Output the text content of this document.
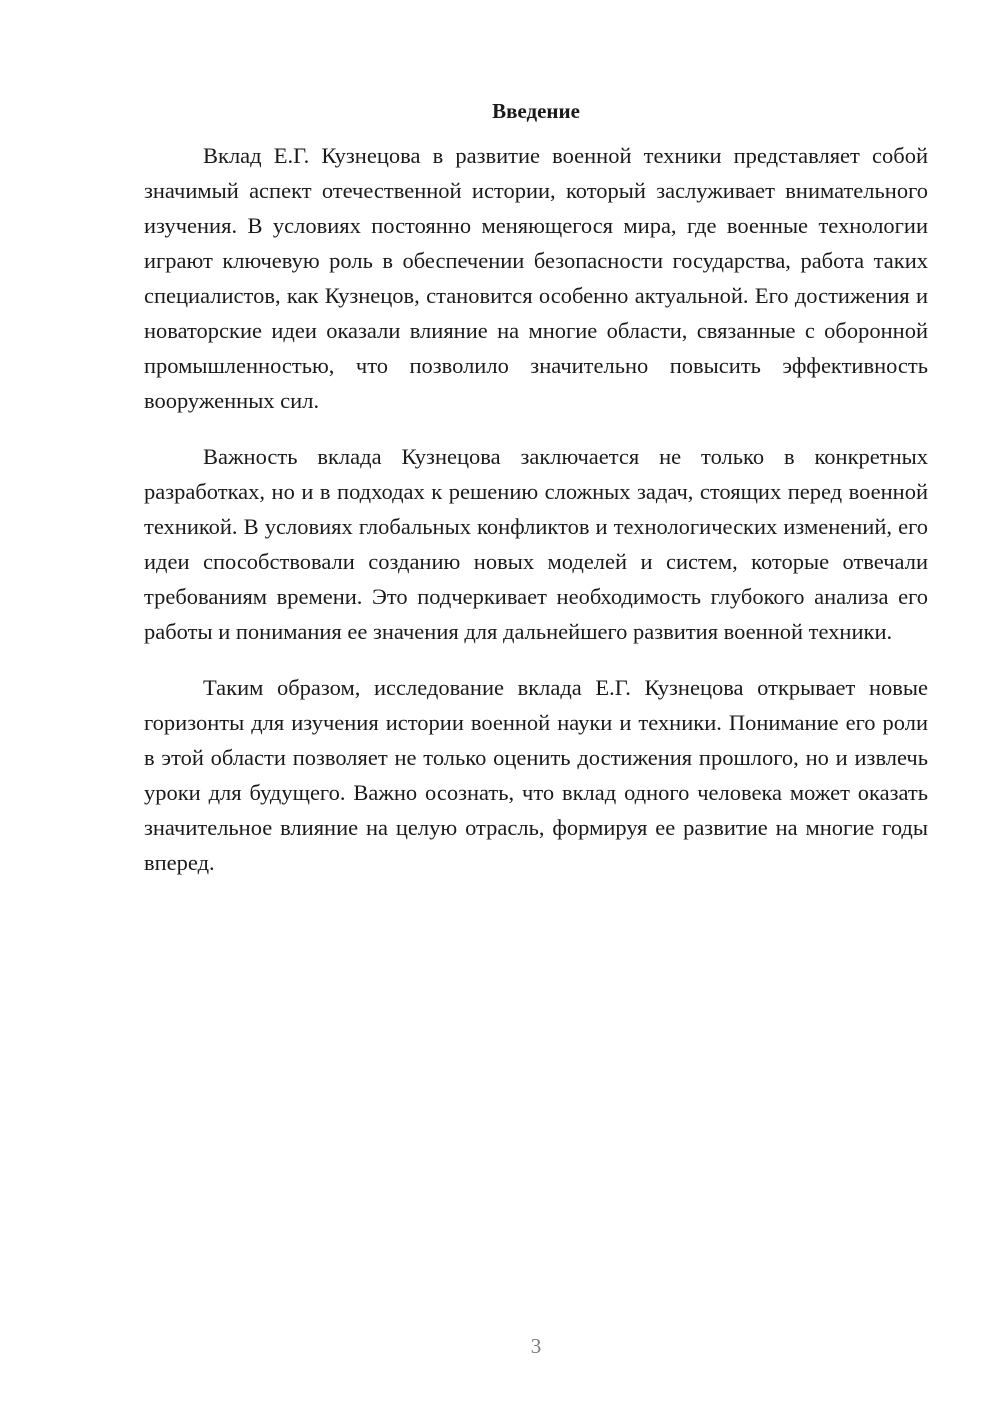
Введение

Вклад Е.Г. Кузнецова в развитие военной техники представляет собой значимый аспект отечественной истории, который заслуживает внимательного изучения. В условиях постоянно меняющегося мира, где военные технологии играют ключевую роль в обеспечении безопасности государства, работа таких специалистов, как Кузнецов, становится особенно актуальной. Его достижения и новаторские идеи оказали влияние на многие области, связанные с оборонной промышленностью, что позволило значительно повысить эффективность вооруженных сил.

Важность вклада Кузнецова заключается не только в конкретных разработках, но и в подходах к решению сложных задач, стоящих перед военной техникой. В условиях глобальных конфликтов и технологических изменений, его идеи способствовали созданию новых моделей и систем, которые отвечали требованиям времени. Это подчеркивает необходимость глубокого анализа его работы и понимания ее значения для дальнейшего развития военной техники.

Таким образом, исследование вклада Е.Г. Кузнецова открывает новые горизонты для изучения истории военной науки и техники. Понимание его роли в этой области позволяет не только оценить достижения прошлого, но и извлечь уроки для будущего. Важно осознать, что вклад одного человека может оказать значительное влияние на целую отрасль, формируя ее развитие на многие годы вперед.

3
